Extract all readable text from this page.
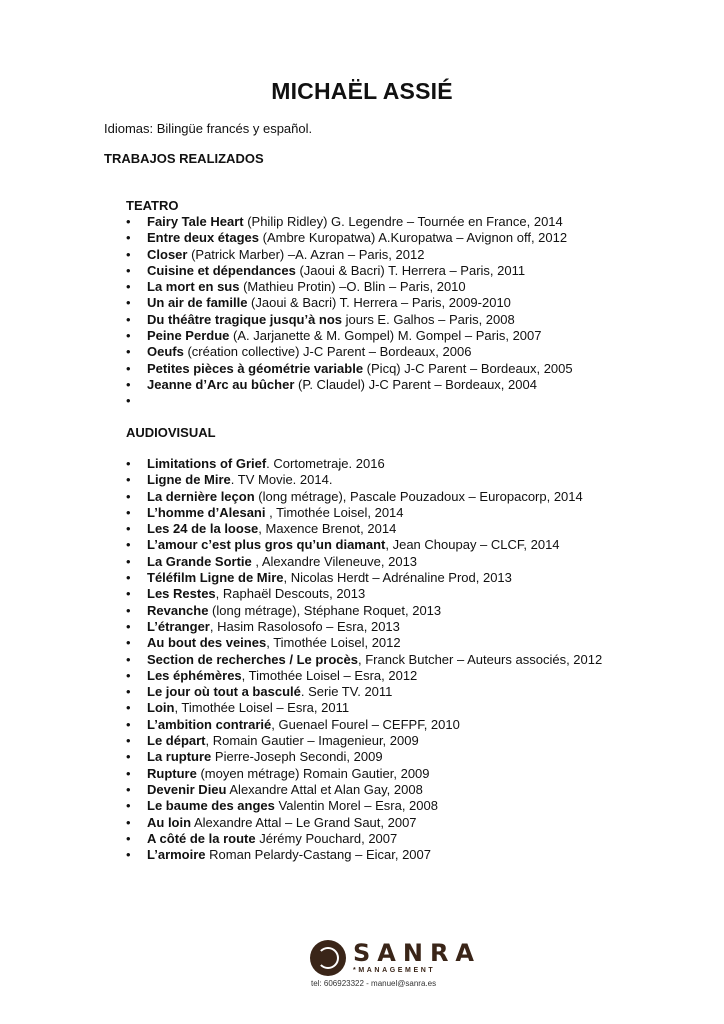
MICHAËL ASSIÉ

Idiomas: Bilingüe francés y español.

TRABAJOS REALIZADOS

TEATRO

• Fairy Tale Heart (Philip Ridley) G. Legendre – Tournée en France, 2014
• Entre deux étages (Ambre Kuropatwa) A.Kuropatwa – Avignon off, 2012
• Closer (Patrick Marber) –A. Azran – Paris, 2012
• Cuisine et dépendances (Jaoui & Bacri) T. Herrera – Paris, 2011
• La mort en sus (Mathieu Protin) –O. Blin – Paris, 2010
• Un air de famille (Jaoui & Bacri) T. Herrera – Paris, 2009-2010
• Du théâtre tragique jusqu’à nos jours E. Galhos – Paris, 2008
• Peine Perdue (A. Jarjanette & M. Gompel) M. Gompel – Paris, 2007
• Oeufs (création collective) J-C Parent – Bordeaux, 2006
• Petites pièces à géométrie variable (Picq) J-C Parent – Bordeaux, 2005
• Jeanne d’Arc au bûcher (P. Claudel) J-C Parent – Bordeaux, 2004
•

AUDIOVISUAL

• Limitations of Grief. Cortometraje. 2016
• Ligne de Mire. TV Movie. 2014.
• La dernière leçon (long métrage), Pascale Pouzadoux – Europacorp, 2014
• L’homme d’Alesani , Timothée Loisel, 2014
• Les 24 de la loose, Maxence Brenot, 2014
• L’amour c’est plus gros qu’un diamant, Jean Choupay – CLCF, 2014
• La Grande Sortie , Alexandre Vileneuve, 2013
• Téléfilm Ligne de Mire, Nicolas Herdt – Adrénaline Prod, 2013
• Les Restes, Raphaël Descouts, 2013
• Revanche (long métrage), Stéphane Roquet, 2013
• L’étranger, Hasim Rasolosofo – Esra, 2013
• Au bout des veines, Timothée Loisel, 2012
• Section de recherches / Le procès, Franck Butcher – Auteurs associés, 2012
• Les éphémères, Timothée Loisel – Esra, 2012
• Le jour où tout a basculé. Serie TV. 2011
• Loin, Timothée Loisel – Esra, 2011
• L’ambition contrarié, Guenael Fourel – CEFPF, 2010
• Le départ, Romain Gautier – Imagenieur, 2009
• La rupture Pierre-Joseph Secondi, 2009
• Rupture (moyen métrage) Romain Gautier, 2009
• Devenir Dieu Alexandre Attal et Alan Gay, 2008
• Le baume des anges Valentin Morel – Esra, 2008
• Au loin Alexandre Attal – Le Grand Saut, 2007
• A côté de la route Jérémy Pouchard, 2007
• L’armoire Roman Pelardy-Castang – Eicar, 2007
SANRA
*MANAGEMENT
tel: 606923322 - manuel@sanra.es
